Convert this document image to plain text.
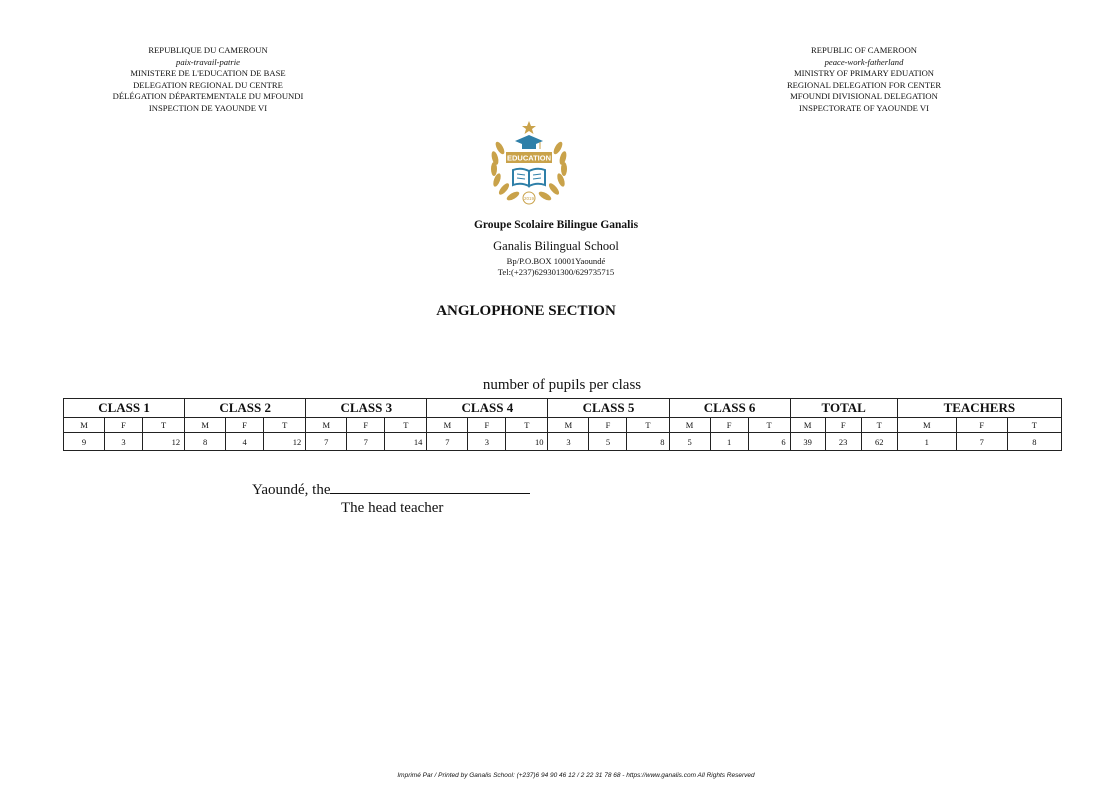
REPUBLIQUE DU CAMEROUN
paix-travail-patrie
MINISTERE DE L'EDUCATION DE BASE
DELEGATION REGIONAL DU CENTRE
DÉLÉGATION DÉPARTEMENTALE DU MFOUNDI
INSPECTION DE YAOUNDE VI
REPUBLIC OF CAMEROON
peace-work-fatherland
MINISTRY OF PRIMARY EDUATION
REGIONAL DELEGATION FOR CENTER
MFOUNDI DIVISIONAL DELEGATION
INSPECTORATE OF YAOUNDE VI
EDUCATION
2019
Groupe Scolaire Bilingue Ganalis
Ganalis Bilingual School
Bp/P.O.BOX 10001Yaoundé
Tel:(+237)629301300/629735715
ANGLOPHONE SECTION
number of pupils per class
CLASS 1			CLASS 2			CLASS 3			CLASS 4			CLASS 5			CLASS 6			TOTAL			TEACHERS		
M	F	T	M	F	T	M	F	T	M	F	T	M	F	T	M	F	T	M	F	T	M	F	T
9	3	12	8	4	12	7	7	14	7	3	10	3	5	8	5	1	6	39	23	62	1	7	8
Yaoundé, the
The head teacher
Imprimé Par / Printed by Ganalis School: (+237)6 94 90 46 12 / 2 22 31 78 68 - https://www.ganalis.com All Rights Reserved
